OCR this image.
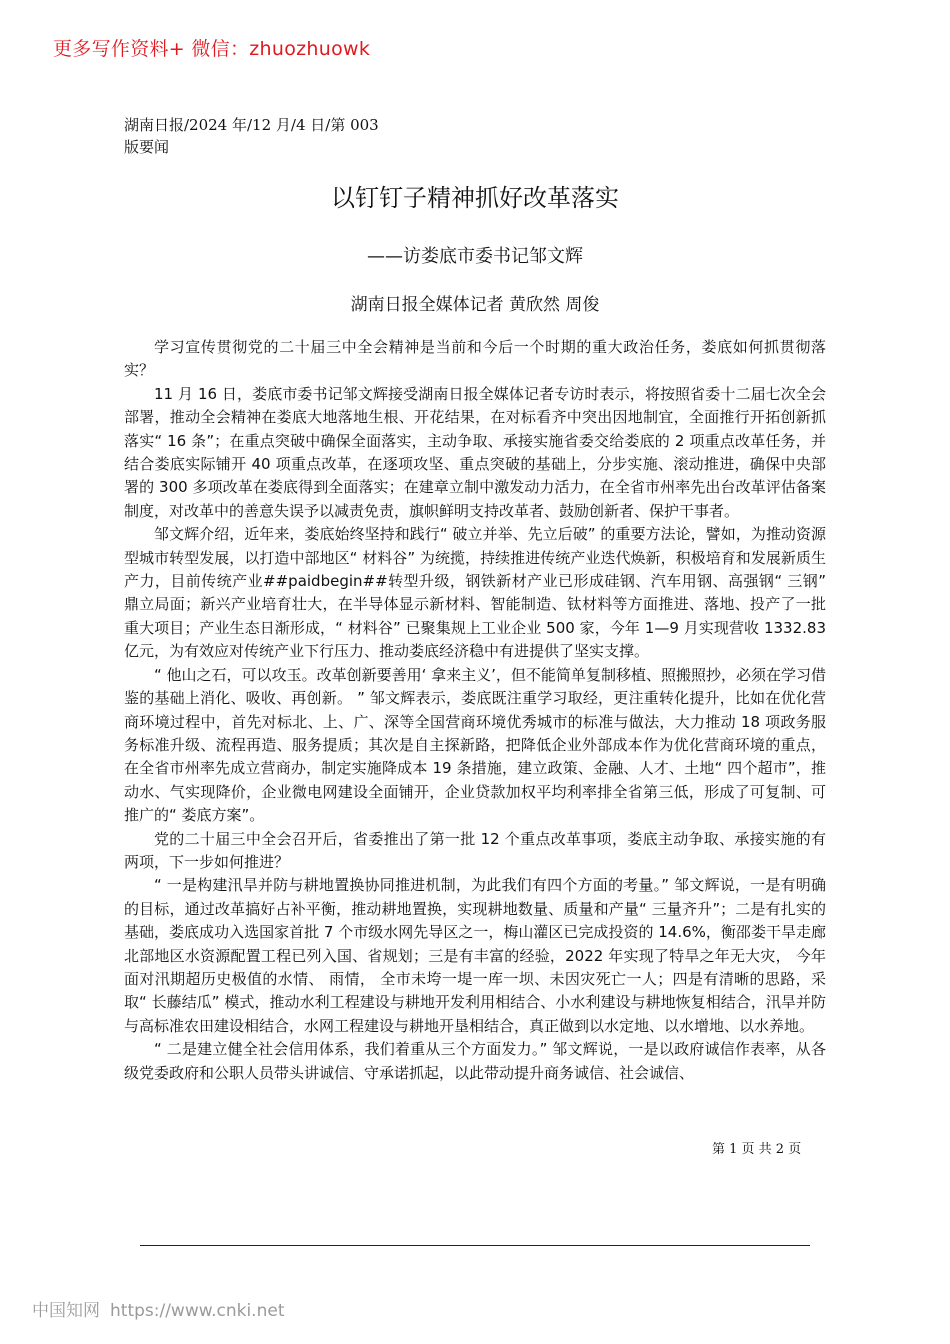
更多写作资料+ 微信：zhuozhuowk
湖南日报/2024 年/12 月/4 日/第 003
版要闻
以钉钉子精神抓好改革落实
——访娄底市委书记邹文辉
湖南日报全媒体记者 黄欣然 周俊

学习宣传贯彻党的二十届三中全会精神是当前和今后一个时期的重大政治任务，娄底如何抓贯彻落实？

11 月 16 日，娄底市委书记邹文辉接受湖南日报全媒体记者专访时表示，将按照省委十二届七次全会部署，推动全会精神在娄底大地落地生根、开花结果，在对标看齐中突出因地制宜，全面推行开拓创新抓落实“ 16 条”；在重点突破中确保全面落实，主动争取、承接实施省委交给娄底的 2 项重点改革任务，并结合娄底实际铺开 40 项重点改革，在逐项攻坚、重点突破的基础上，分步实施、滚动推进，确保中央部署的 300 多项改革在娄底得到全面落实；在建章立制中激发动力活力，在全省市州率先出台改革评估备案制度，对改革中的善意失误予以减责免责，旗帜鲜明支持改革者、鼓励创新者、保护干事者。

邹文辉介绍，近年来，娄底始终坚持和践行“ 破立并举、先立后破” 的重要方法论，譬如，为推动资源型城市转型发展，以打造中部地区“ 材料谷” 为统揽，持续推进传统产业迭代焕新，积极培育和发展新质生产力，目前传统产业##paidbegin##转型升级，钢铁新材产业已形成硅钢、汽车用钢、高强钢“ 三钢” 鼎立局面；新兴产业培育壮大，在半导体显示新材料、智能制造、钛材料等方面推进、落地、投产了一批重大项目；产业生态日渐形成，“ 材料谷” 已聚集规上工业企业 500 家，今年 1—9 月实现营收 1332.83 亿元，为有效应对传统产业下行压力、推动娄底经济稳中有进提供了坚实支撑。

“ 他山之石，可以攻玉。改革创新要善用‘ 拿来主义’，但不能简单复制移植、照搬照抄，必须在学习借鉴的基础上消化、吸收、再创新。 ” 邹文辉表示，娄底既注重学习取经，更注重转化提升，比如在优化营商环境过程中，首先对标北、上、广、深等全国营商环境优秀城市的标准与做法，大力推动 18 项政务服务标准升级、流程再造、服务提质；其次是自主探新路，把降低企业外部成本作为优化营商环境的重点，在全省市州率先成立营商办，制定实施降成本 19 条措施，建立政策、金融、人才、土地“ 四个超市”，推动水、气实现降价，企业微电网建设全面铺开，企业贷款加权平均利率排全省第三低，形成了可复制、可推广的“ 娄底方案”。

党的二十届三中全会召开后，省委推出了第一批 12 个重点改革事项，娄底主动争取、承接实施的有两项，下一步如何推进？

“ 一是构建汛旱并防与耕地置换协同推进机制，为此我们有四个方面的考量。” 邹文辉说，一是有明确的目标，通过改革搞好占补平衡，推动耕地置换，实现耕地数量、质量和产量“ 三量齐升”；二是有扎实的基础，娄底成功入选国家首批 7 个市级水网先导区之一，梅山灌区已完成投资的 14.6%，衡邵娄干旱走廊北部地区水资源配置工程已列入国、省规划；三是有丰富的经验，2022 年实现了特旱之年无大灾， 今年面对汛期超历史极值的水情、 雨情， 全市未垮一堤一库一坝、未因灾死亡一人；四是有清晰的思路，采取“ 长藤结瓜” 模式，推动水利工程建设与耕地开发利用相结合、小水利建设与耕地恢复相结合，汛旱并防与高标准农田建设相结合，水网工程建设与耕地开垦相结合，真正做到以水定地、以水增地、以水养地。

“ 二是建立健全社会信用体系，我们着重从三个方面发力。” 邹文辉说，一是以政府诚信作表率，从各级党委政府和公职人员带头讲诚信、守承诺抓起，以此带动提升商务诚信、社会诚信、

第 1 页 共 2 页
中国知网 https://www.cnki.net
